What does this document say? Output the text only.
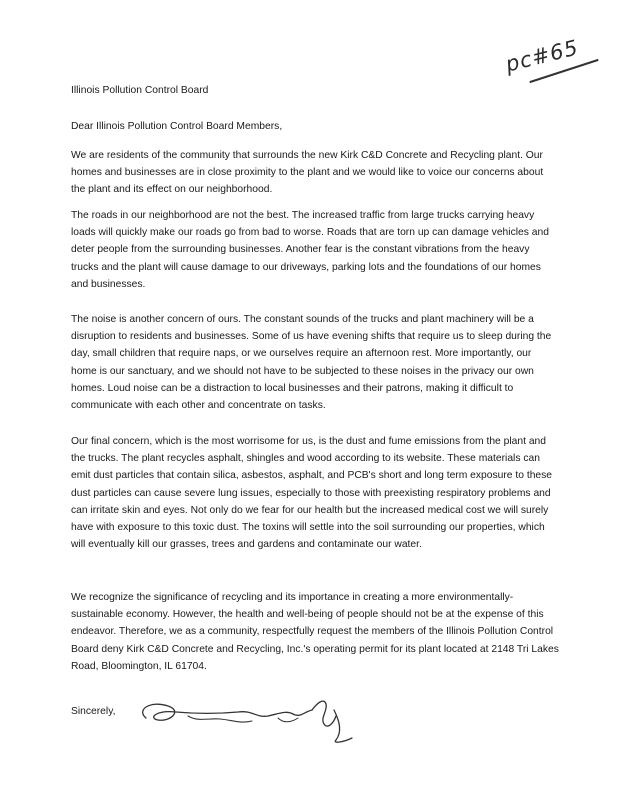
pc#65
Illinois Pollution Control Board
Dear Illinois Pollution Control Board Members,

We are residents of the community that surrounds the new Kirk C&D Concrete and Recycling plant. Our homes and businesses are in close proximity to the plant and we would like to voice our concerns about the plant and its effect on our neighborhood.

The roads in our neighborhood are not the best. The increased traffic from large trucks carrying heavy loads will quickly make our roads go from bad to worse. Roads that are torn up can damage vehicles and deter people from the surrounding businesses. Another fear is the constant vibrations from the heavy trucks and the plant will cause damage to our driveways, parking lots and the foundations of our homes and businesses.

The noise is another concern of ours. The constant sounds of the trucks and plant machinery will be a disruption to residents and businesses. Some of us have evening shifts that require us to sleep during the day, small children that require naps, or we ourselves require an afternoon rest. More importantly, our home is our sanctuary, and we should not have to be subjected to these noises in the privacy our own homes. Loud noise can be a distraction to local businesses and their patrons, making it difficult to communicate with each other and concentrate on tasks.

Our final concern, which is the most worrisome for us, is the dust and fume emissions from the plant and the trucks. The plant recycles asphalt, shingles and wood according to its website. These materials can emit dust particles that contain silica, asbestos, asphalt, and PCB's short and long term exposure to these dust particles can cause severe lung issues, especially to those with preexisting respiratory problems and can irritate skin and eyes. Not only do we fear for our health but the increased medical cost we will surely have with exposure to this toxic dust. The toxins will settle into the soil surrounding our properties, which will eventually kill our grasses, trees and gardens and contaminate our water.

We recognize the significance of recycling and its importance in creating a more environmentally-sustainable economy. However, the health and well-being of people should not be at the expense of this endeavor. Therefore, we as a community, respectfully request the members of the Illinois Pollution Control Board deny Kirk C&D Concrete and Recycling, Inc.'s operating permit for its plant located at 2148 Tri Lakes Road, Bloomington, IL 61704.

Sincerely,
